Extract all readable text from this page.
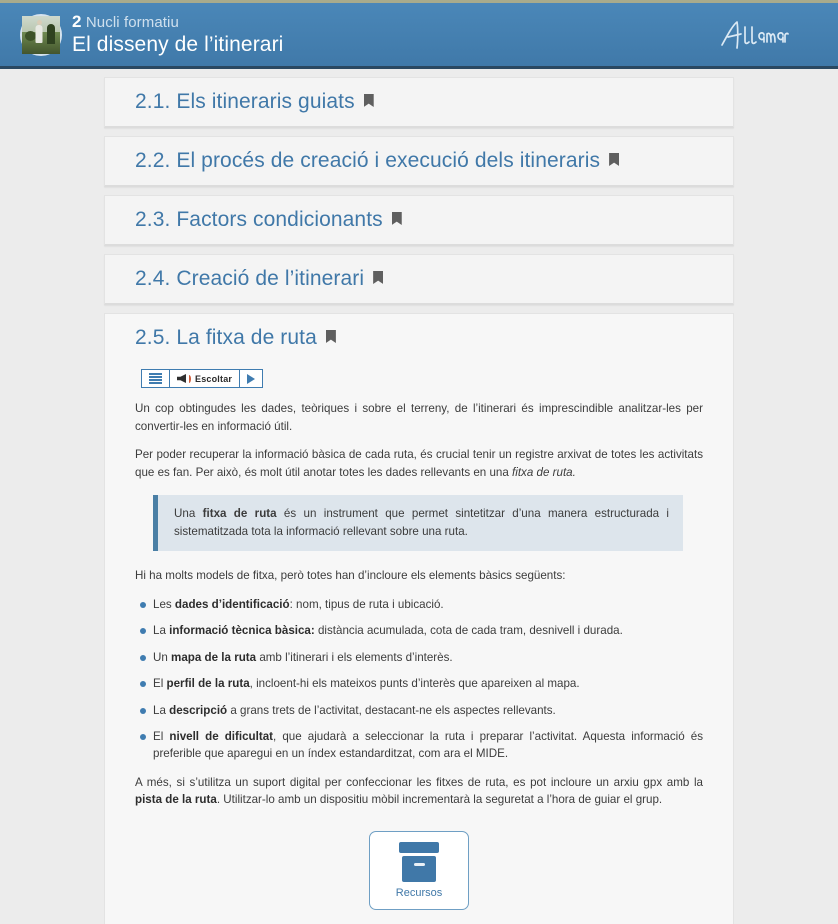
2 Nucli formatiu
El disseny de l’itinerari
2.1. Els itineraris guiats
2.2. El procés de creació i execució dels itineraris
2.3. Factors condicionants
2.4. Creació de l’itinerari
2.5. La fitxa de ruta
Escoltar

Un cop obtingudes les dades, teòriques i sobre el terreny, de l’itinerari és imprescindible analitzar-les per convertir-les en informació útil.

Per poder recuperar la informació bàsica de cada ruta, és crucial tenir un registre arxivat de totes les activitats que es fan. Per això, és molt útil anotar totes les dades rellevants en una fitxa de ruta.

Una fitxa de ruta és un instrument que permet sintetitzar d’una manera estructurada i sistematitzada tota la informació rellevant sobre una ruta.

Hi ha molts models de fitxa, però totes han d’incloure els elements bàsics següents:

Les dades d’identificació: nom, tipus de ruta i ubicació.
La informació tècnica bàsica: distància acumulada, cota de cada tram, desnivell i durada.
Un mapa de la ruta amb l’itinerari i els elements d’interès.
El perfil de la ruta, incloent-hi els mateixos punts d’interès que apareixen al mapa.
La descripció a grans trets de l’activitat, destacant-ne els aspectes rellevants.
El nivell de dificultat, que ajudarà a seleccionar la ruta i preparar l’activitat. Aquesta informació és preferible que aparegui en un índex estandarditzat, com ara el MIDE.

A més, si s’utilitza un suport digital per confeccionar les fitxes de ruta, es pot incloure un arxiu gpx amb la pista de la ruta. Utilitzar-lo amb un dispositiu mòbil incrementarà la seguretat a l’hora de guiar el grup.

Recursos
